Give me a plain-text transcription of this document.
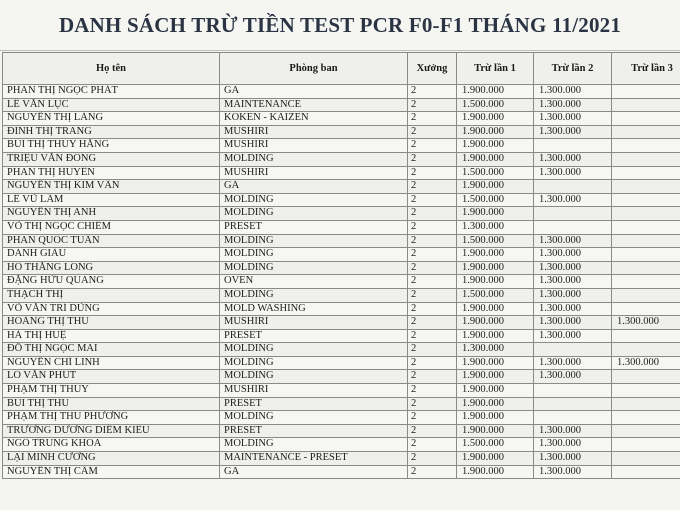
DANH SÁCH TRỪ TIỀN TEST PCR F0-F1 THÁNG 11/2021
Họ tên	Phòng ban	Xưởng	Trừ lần 1	Trừ lần 2	Trừ lần 3
PHAN THỊ NGỌC PHÁT	GA	2	1.900.000	1.300.000	
LÊ VĂN LỤC	MAINTENANCE	2	1.500.000	1.300.000	
NGUYỄN THỊ LÀNG	KOKEN - KAIZEN	2	1.900.000	1.300.000	
ĐINH THỊ TRANG	MUSHIRI	2	1.900.000	1.300.000	
BÙI THỊ THÚY HẰNG	MUSHIRI	2	1.900.000		
TRIỆU VĂN ĐÔNG	MOLDING	2	1.900.000	1.300.000	
PHAN THỊ HUYỀN	MUSHIRI	2	1.500.000	1.300.000	
NGUYỄN THỊ KIM VÂN	GA	2	1.900.000		
LÊ VŨ LÂM	MOLDING	2	1.500.000	1.300.000	
NGUYỄN THỊ ANH	MOLDING	2	1.900.000		
VÕ THỊ NGỌC CHIÊM	PRESET	2	1.300.000		
PHAN QUỐC TUẤN	MOLDING	2	1.500.000	1.300.000	
DANH GIÀU	MOLDING	2	1.900.000	1.300.000	
HỒ THĂNG LONG	MOLDING	2	1.900.000	1.300.000	
ĐẶNG HỮU QUANG	OVEN	2	1.900.000	1.300.000	
THẠCH THỊ	MOLDING	2	1.500.000	1.300.000	
VÕ VĂN TRÍ DŨNG	MOLD WASHING	2	1.900.000	1.300.000	
HOÀNG THỊ THU	MUSHIRI	2	1.900.000	1.300.000	1.300.000
HÀ THỊ HUỆ	PRESET	2	1.900.000	1.300.000	
ĐỖ THỊ NGỌC MAI	MOLDING	2	1.300.000		
NGUYỄN CHÍ LINH	MOLDING	2	1.900.000	1.300.000	1.300.000
LÒ VĂN PHÚT	MOLDING	2	1.900.000	1.300.000	
PHẠM THỊ THÚY	MUSHIRI	2	1.900.000		
BÙI THỊ THU	PRESET	2	1.900.000		
PHẠM THỊ THU PHƯƠNG	MOLDING	2	1.900.000		
TRƯƠNG DƯƠNG DIỄM KIỀU	PRESET	2	1.900.000	1.300.000	
NGÔ TRUNG KHOA	MOLDING	2	1.500.000	1.300.000	
LẠI MINH CƯỜNG	MAINTENANCE - PRESET	2	1.900.000	1.300.000	
NGUYỄN THỊ CẨM	GA	2	1.900.000	1.300.000	
